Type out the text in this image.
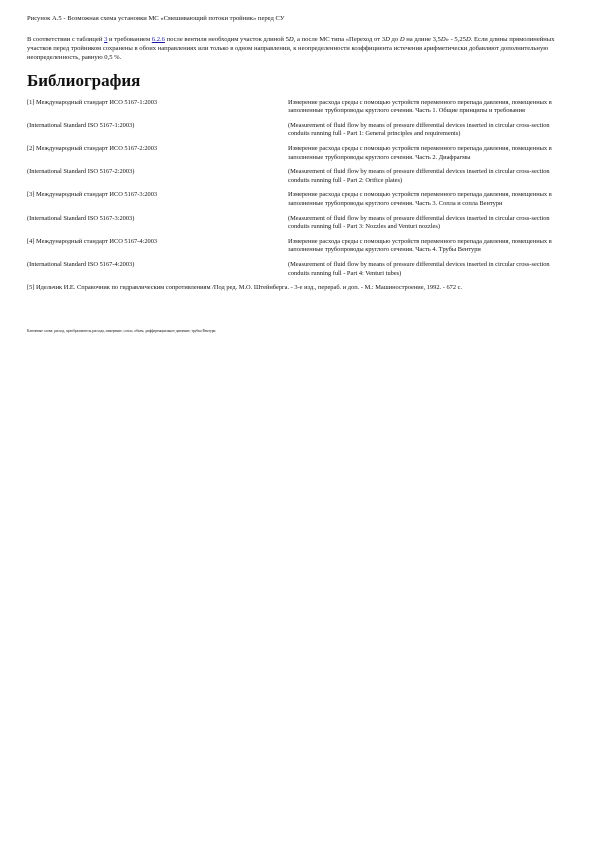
Рисунок А.5 - Возможная схема установки МС «Смешивающий потоки тройник» перед СУ

В соответствии с таблицей 3 и требованием 6.2.6 после вентиля необходим участок длиной 5D, а после МС типа «Переход от 3D до D на длине 3,5D» - 5,25D. Если длины прямолинейных участков перед тройником сохранены в обоих направлениях или только в одном направлении, к неопределенности коэффициента истечения арифметически добавляют дополнительную неопределенность, равную 0,5 %.

Библиография
[1] Международный стандарт ИСО 5167-1:2003	Измерение расхода среды с помощью устройств переменного перепада давления, помещенных в заполненные трубопроводы круглого сечения. Часть 1. Общие принципы и требования
(International Standard ISO 5167-1:2003)	(Measurement of fluid flow by means of pressure differential devices inserted in circular cross-section conduits running full - Part 1: General principles and requirements)
[2] Международный стандарт ИСО 5167-2:2003	Измерение расхода среды с помощью устройств переменного перепада давления, помещенных в заполненные трубопроводы круглого сечения. Часть 2. Диафрагмы
(International Standard ISO 5167-2:2003)	(Measurement of fluid flow by means of pressure differential devices inserted in circular cross-section conduits running full - Part 2: Orifice plates)
[3] Международный стандарт ИСО 5167-3:2003	Измерение расхода среды с помощью устройств переменного перепада давления, помещенных в заполненные трубопроводы круглого сечения. Часть 3. Сопла и сопла Вентури
(International Standard ISO 5167-3:2003)	(Measurement of fluid flow by means of pressure differential devices inserted in circular cross-section conduits running full - Part 3: Nozzles and Venturi nozzles)
[4] Международный стандарт ИСО 5167-4:2003	Измерение расхода среды с помощью устройств переменного перепада давления, помещенных в заполненные трубопроводы круглого сечения. Часть 4. Трубы Вентури
(International Standard ISO 5167-4:2003)	(Measurement of fluid flow by means of pressure differential devices inserted in circular cross-section conduits running full - Part 4: Venturi tubes)
[5] Идельчик И.Е. Справочник по гидравлическим сопротивлениям /Под ред. М.О. Штейнберга. - 3-е изд., перераб. и доп. - М.: Машиностроение, 1992. - 672 с.	
Ключевые слова: расход, преобразователь расхода, измерение, сопло, объем, дифференциальное давление, трубка Вентури
